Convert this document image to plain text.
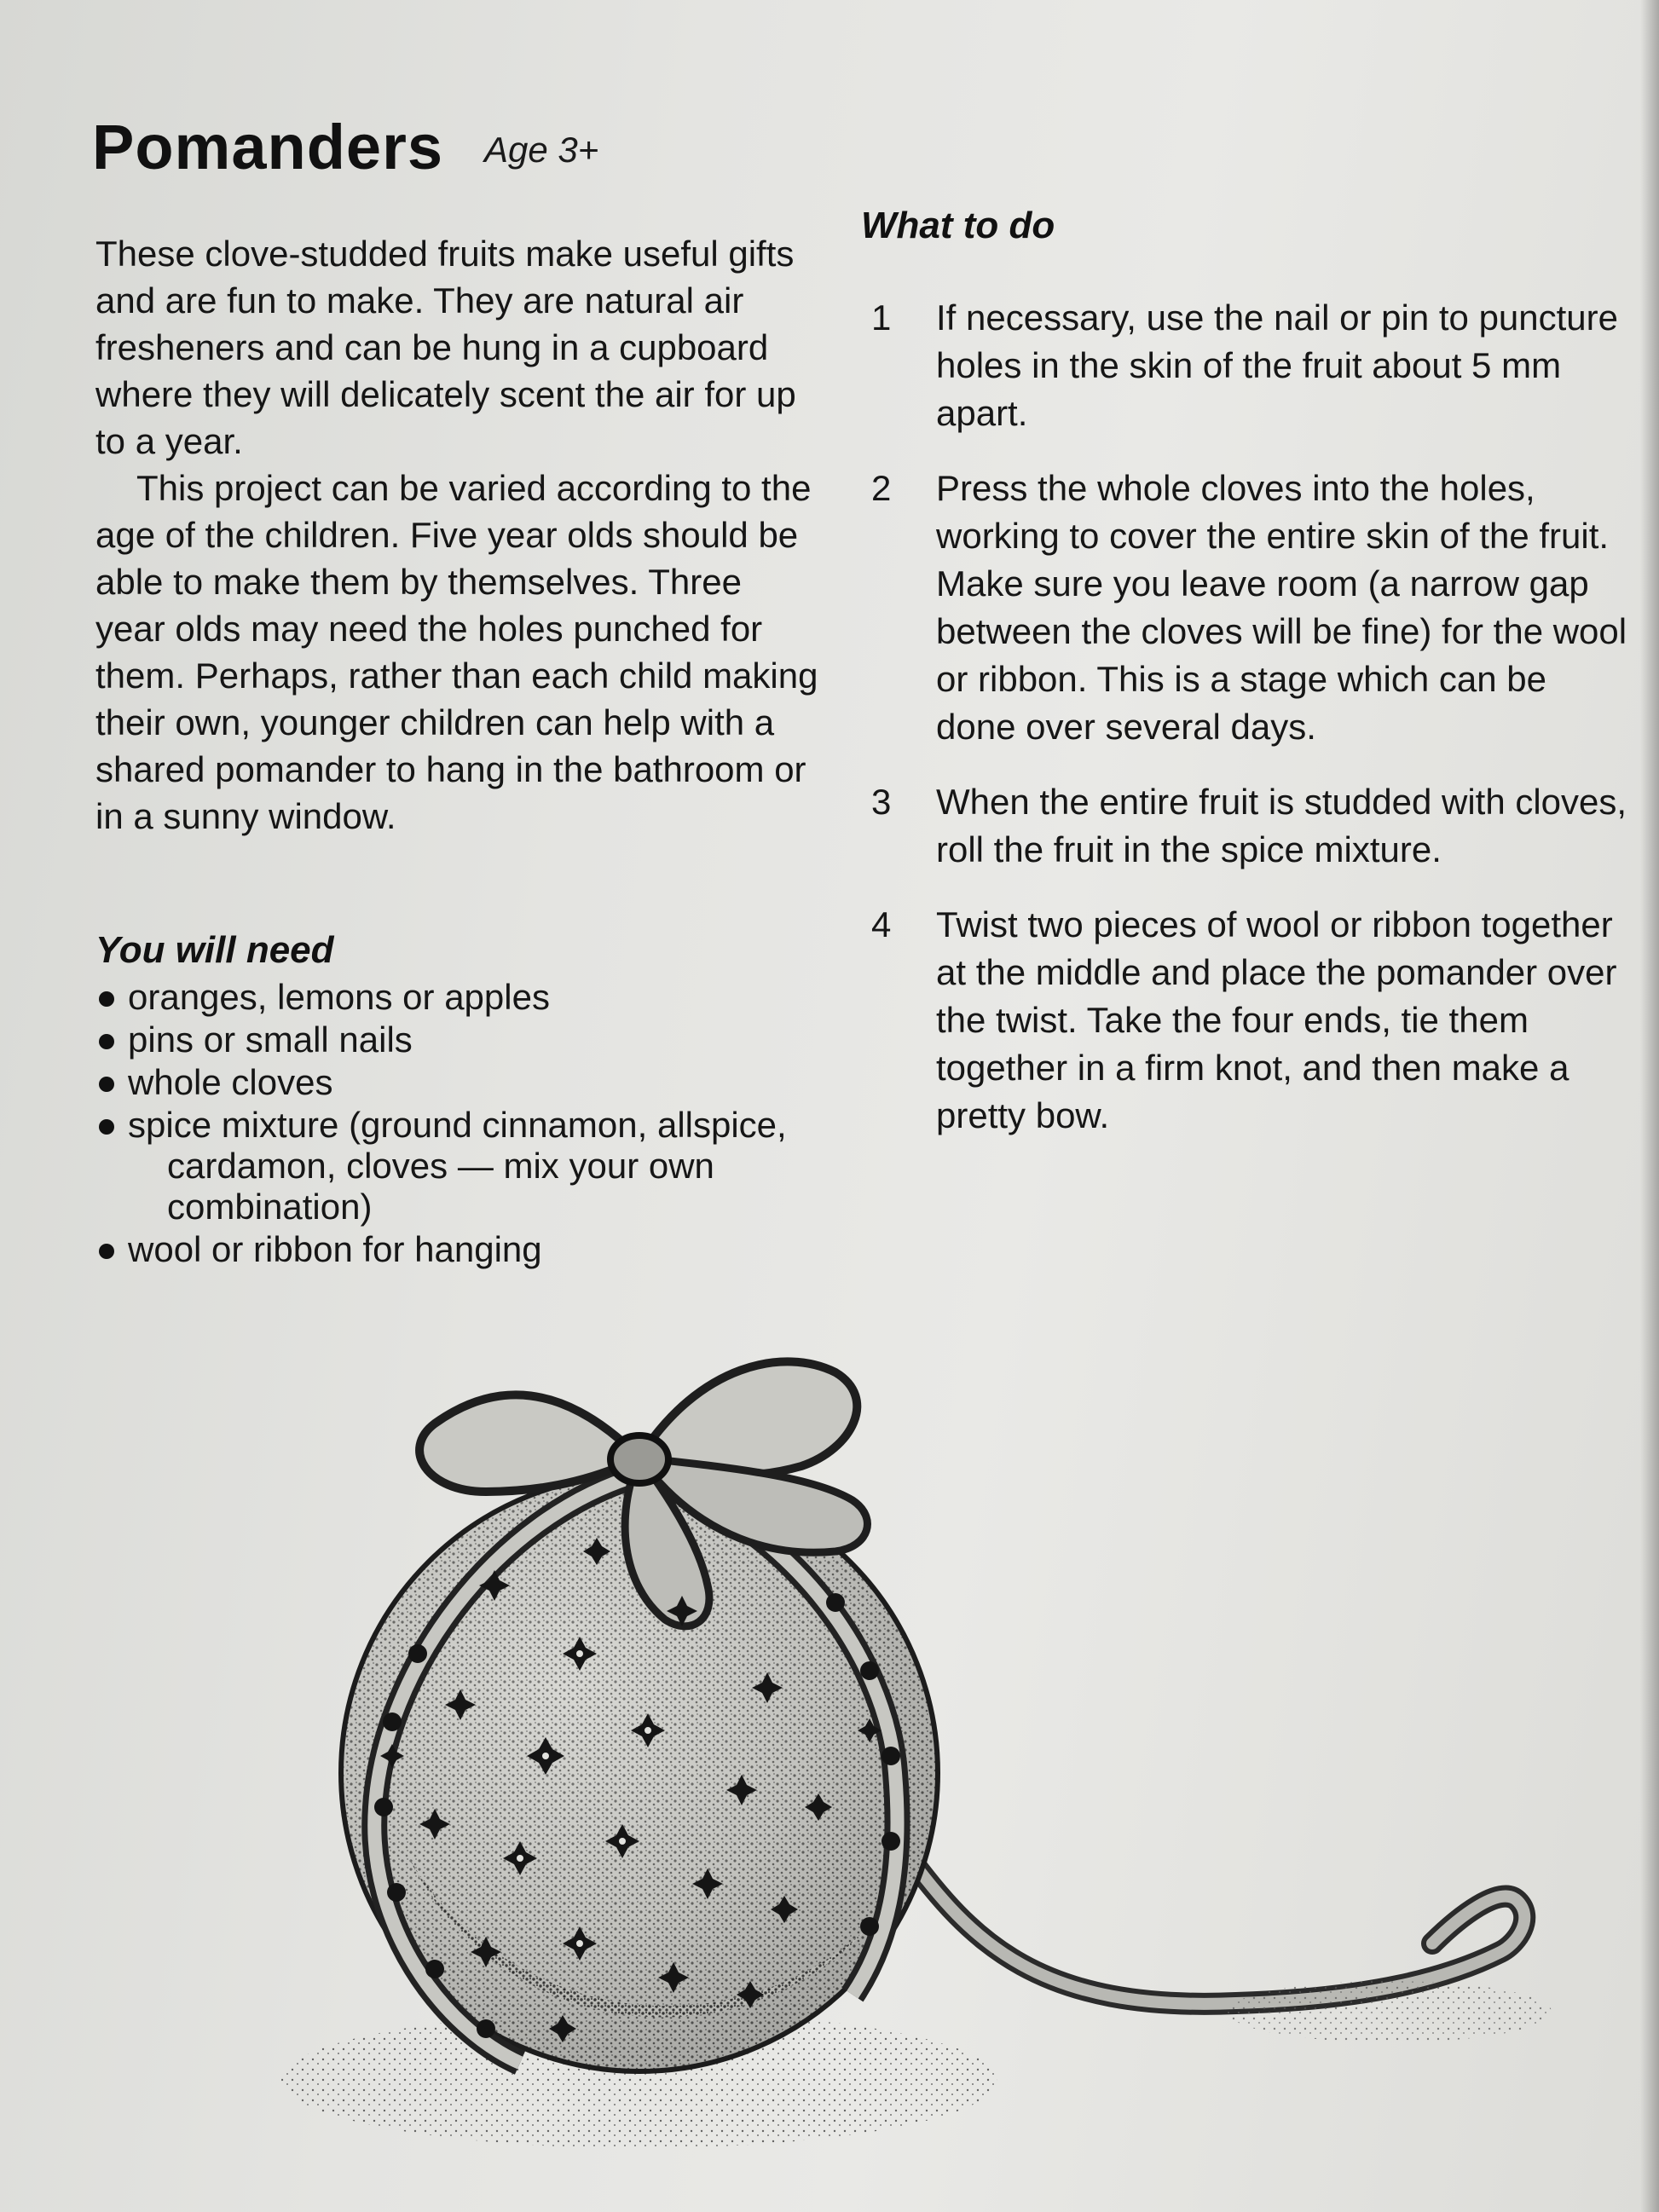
Pomanders Age 3+

These clove-studded fruits make useful gifts and are fun to make. They are natural air fresheners and can be hung in a cupboard where they will delicately scent the air for up to a year.

This project can be varied according to the age of the children. Five year olds should be able to make them by themselves. Three year olds may need the holes punched for them. Perhaps, rather than each child making their own, younger children can help with a shared pomander to hang in the bathroom or in a sunny window.

You will need
oranges, lemons or apples
pins or small nails
whole cloves
spice mixture (ground cinnamon, allspice,
cardamon, cloves — mix your own combination)
wool or ribbon for hanging
What to do
1 If necessary, use the nail or pin to puncture holes in the skin of the fruit about 5 mm apart.
2 Press the whole cloves into the holes, working to cover the entire skin of the fruit. Make sure you leave room (a narrow gap between the cloves will be fine) for the wool or ribbon. This is a stage which can be done over several days.
3 When the entire fruit is studded with cloves, roll the fruit in the spice mixture.
4 Twist two pieces of wool or ribbon together at the middle and place the pomander over the twist. Take the four ends, tie them together in a firm knot, and then make a pretty bow.
